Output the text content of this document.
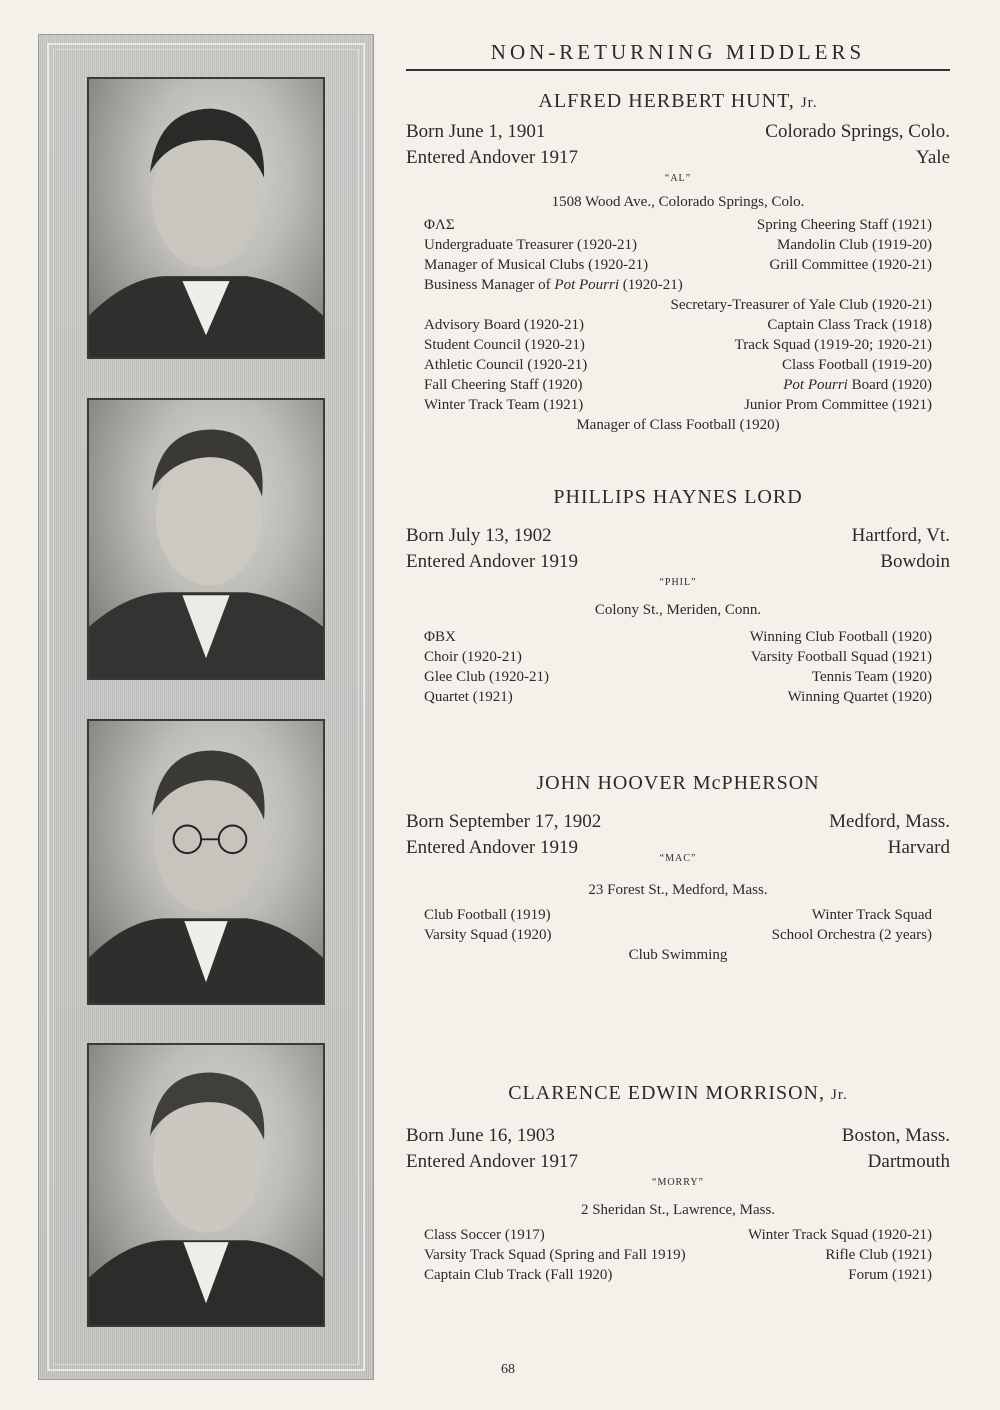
NON-RETURNING MIDDLERS

ALFRED HERBERT HUNT, Jr.

Born June 1, 1901	Colorado Springs, Colo.
Entered Andover 1917	Yale
“AL”
1508 Wood Ave., Colorado Springs, Colo.
ΦΛΣ	Spring Cheering Staff (1921)
Undergraduate Treasurer (1920-21)	Mandolin Club (1919-20)
Manager of Musical Clubs (1920-21)	Grill Committee (1920-21)
Business Manager of Pot Pourri (1920-21)
Secretary-Treasurer of Yale Club (1920-21)
Advisory Board (1920-21)	Captain Class Track (1918)
Student Council (1920-21)	Track Squad (1919-20; 1920-21)
Athletic Council (1920-21)	Class Football (1919-20)
Fall Cheering Staff (1920)	Pot Pourri Board (1920)
Winter Track Team (1921)	Junior Prom Committee (1921)
Manager of Class Football (1920)

PHILLIPS HAYNES LORD

Born July 13, 1902	Hartford, Vt.
Entered Andover 1919	Bowdoin
“PHIL”
Colony St., Meriden, Conn.
ΦΒΧ	Winning Club Football (1920)
Choir (1920-21)	Varsity Football Squad (1921)
Glee Club (1920-21)	Tennis Team (1920)
Quartet (1921)	Winning Quartet (1920)

JOHN HOOVER McPHERSON

Born September 17, 1902	Medford, Mass.
Entered Andover 1919	Harvard
“MAC”
23 Forest St., Medford, Mass.
Club Football (1919)	Winter Track Squad
Varsity Squad (1920)	School Orchestra (2 years)
Club Swimming

CLARENCE EDWIN MORRISON, Jr.

Born June 16, 1903	Boston, Mass.
Entered Andover 1917	Dartmouth
“MORRY”
2 Sheridan St., Lawrence, Mass.
Class Soccer (1917)	Winter Track Squad (1920-21)
Varsity Track Squad (Spring and Fall 1919)	Rifle Club (1921)
Captain Club Track (Fall 1920)	Forum (1921)
68
